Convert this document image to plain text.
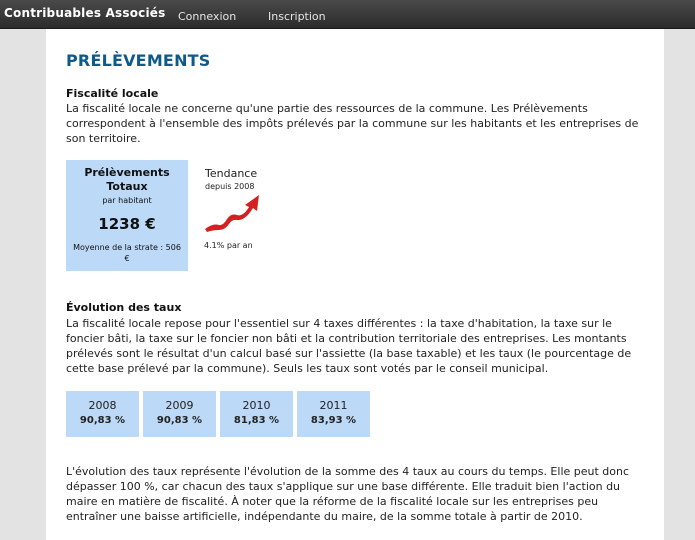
Contribuables Associés Connexion	Inscription
PRÉLÈVEMENTS
Fiscalité locale

La fiscalité locale ne concerne qu'une partie des ressources de la commune. Les Prélèvements correspondent à l'ensemble des impôts prélevés par la commune sur les habitants et les entreprises de son territoire.

Prélèvements Totaux
par habitant
1238 €
Moyenne de la strate : 506 €
Tendance
depuis 2008
4.1% par an
Évolution des taux

La fiscalité locale repose pour l'essentiel sur 4 taxes différentes : la taxe d'habitation, la taxe sur le foncier bâti, la taxe sur le foncier non bâti et la contribution territoriale des entreprises. Les montants prélevés sont le résultat d'un calcul basé sur l'assiette (la base taxable) et les taux (le pourcentage de cette base prélevé par la commune). Seuls les taux sont votés par le conseil municipal.

2008
90,83 %
2009
90,83 %
2010
81,83 %
2011
83,93 %

L'évolution des taux représente l'évolution de la somme des 4 taux au cours du temps. Elle peut donc dépasser 100 %, car chacun des taux s'applique sur une base différente. Elle traduit bien l'action du maire en matière de fiscalité. À noter que la réforme de la fiscalité locale sur les entreprises peu entraîner une baisse artificielle, indépendante du maire, de la somme totale à partir de 2010.
